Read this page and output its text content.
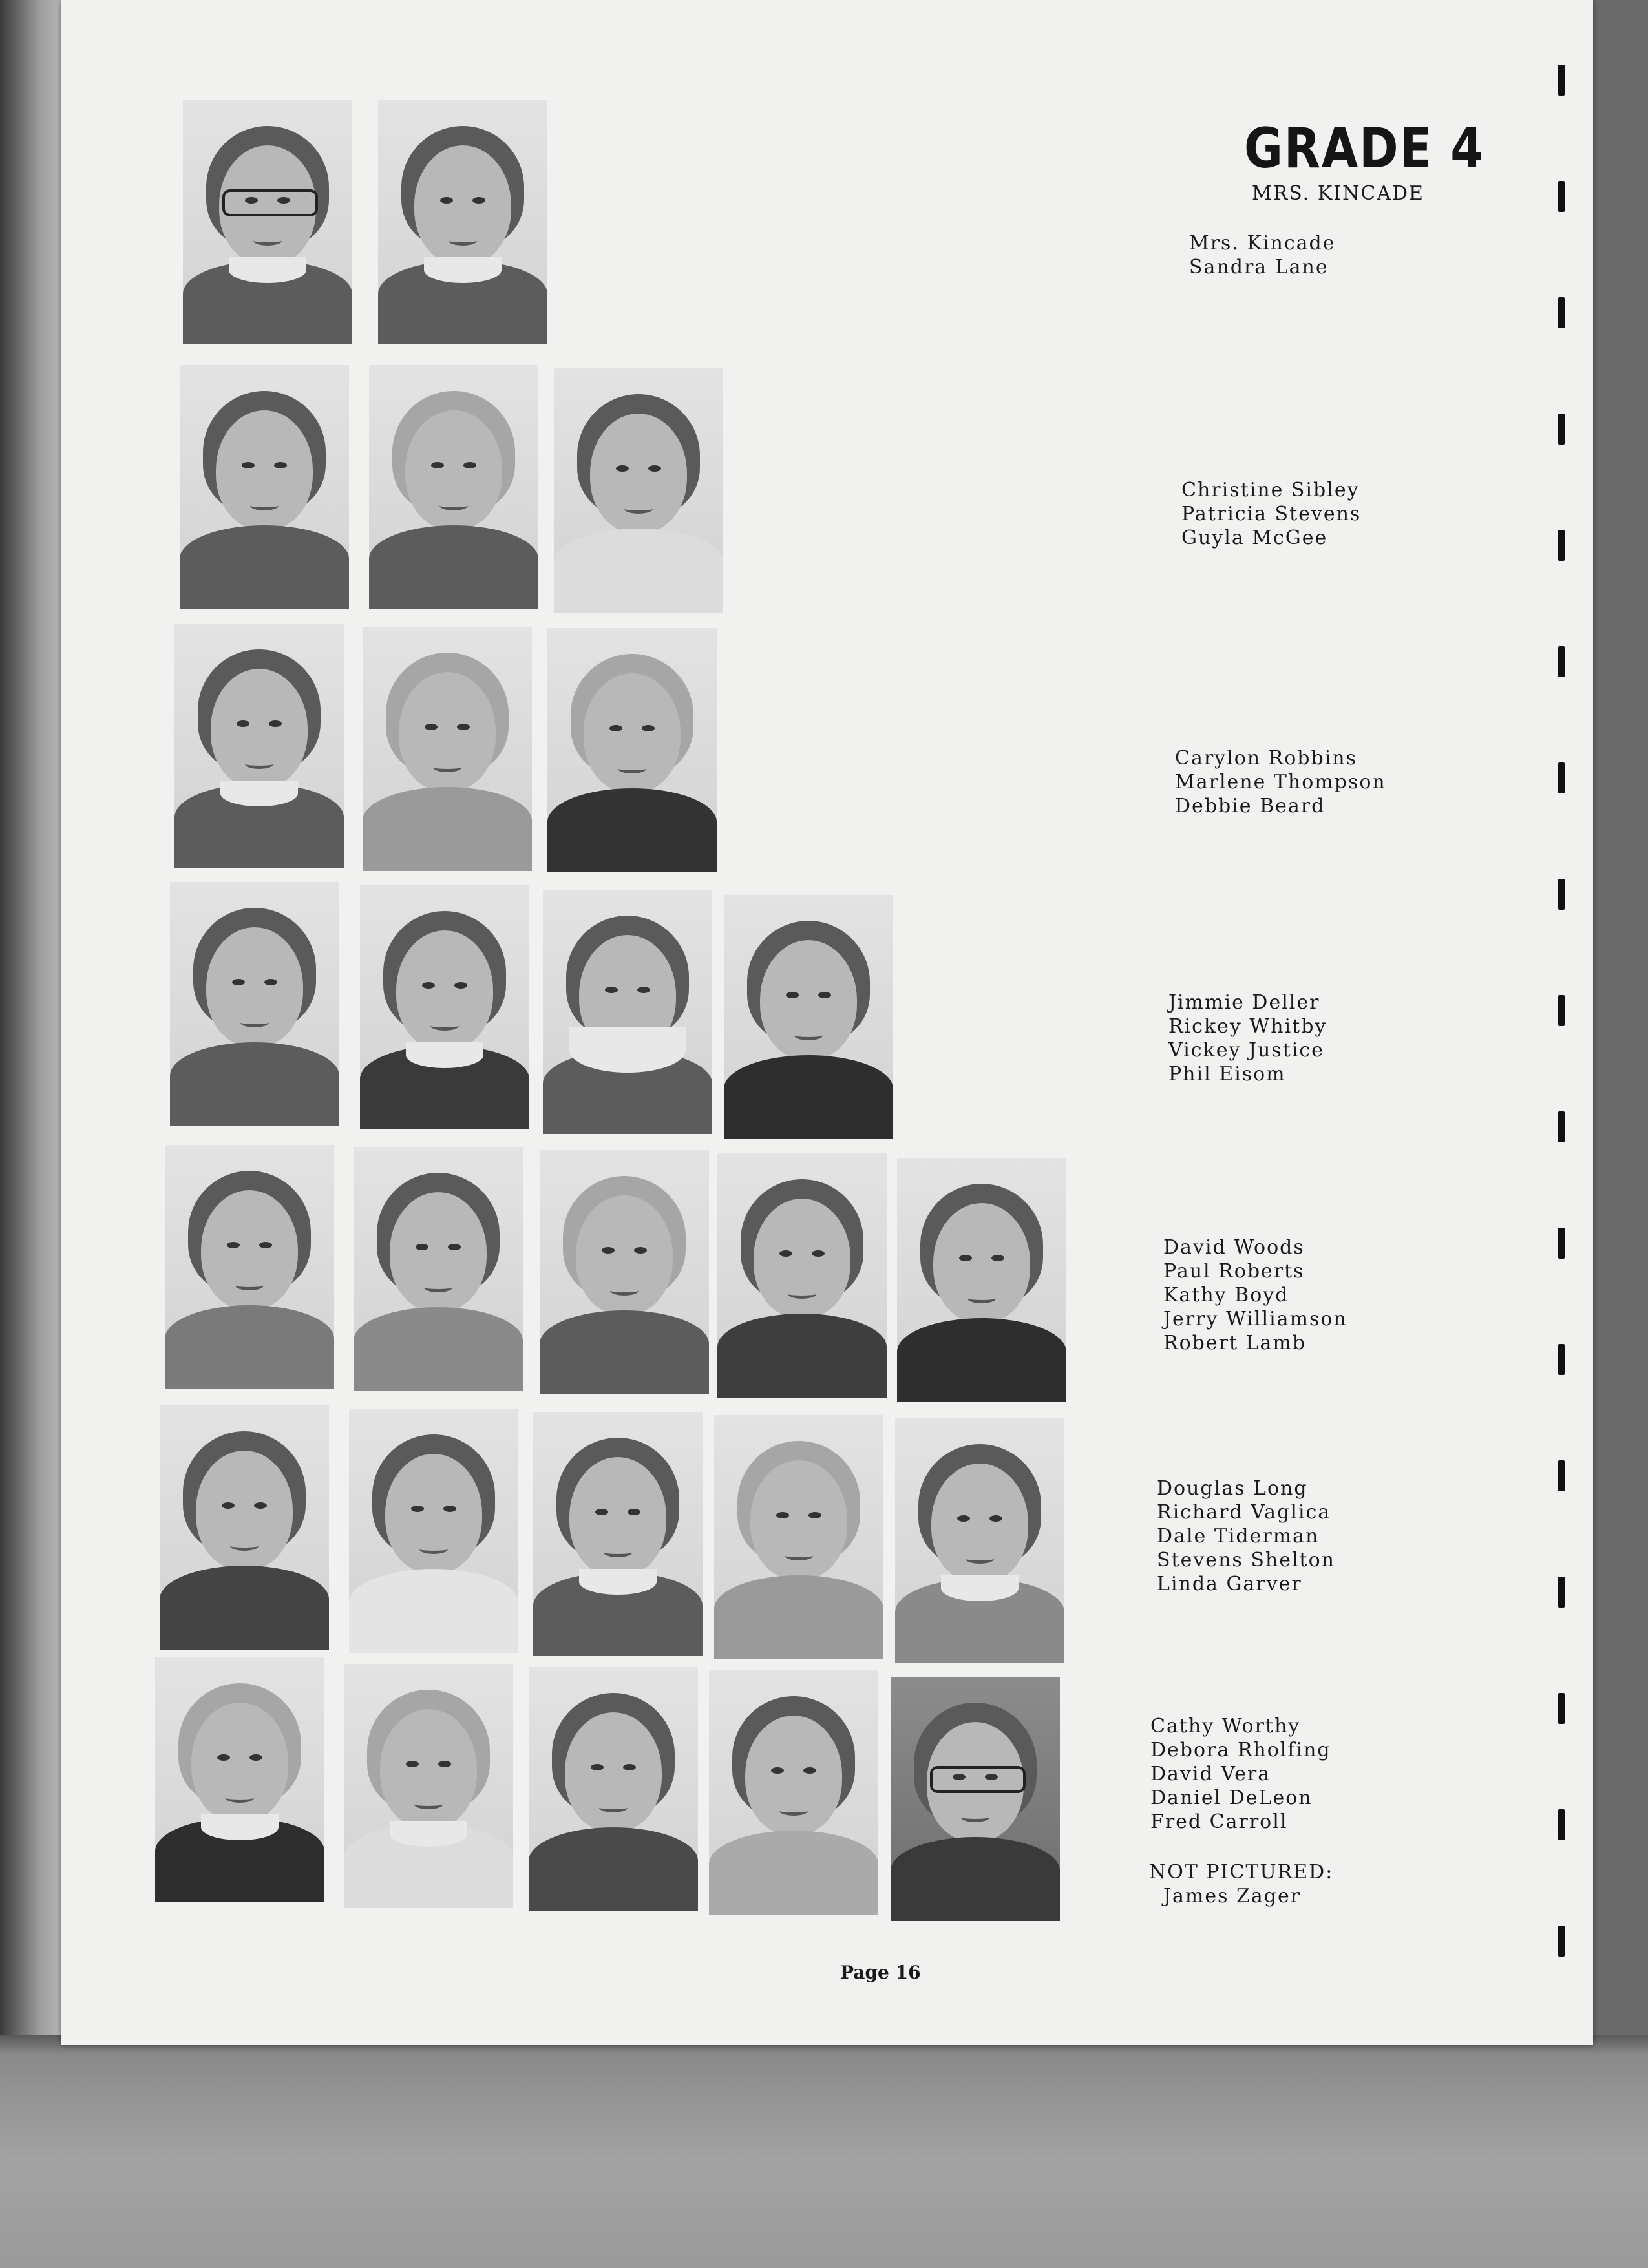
GRADE 4
MRS. KINCADE
Mrs. Kincade
Sandra Lane
Christine Sibley
Patricia Stevens
Guyla McGee
Carylon Robbins
Marlene Thompson
Debbie Beard
Jimmie Deller
Rickey Whitby
Vickey Justice
Phil Eisom
David Woods
Paul Roberts
Kathy Boyd
Jerry Williamson
Robert Lamb
Douglas Long
Richard Vaglica
Dale Tiderman
Stevens Shelton
Linda Garver
Cathy Worthy
Debora Rholfing
David Vera
Daniel DeLeon
Fred Carroll
NOT PICTURED:
James Zager
Page 16
